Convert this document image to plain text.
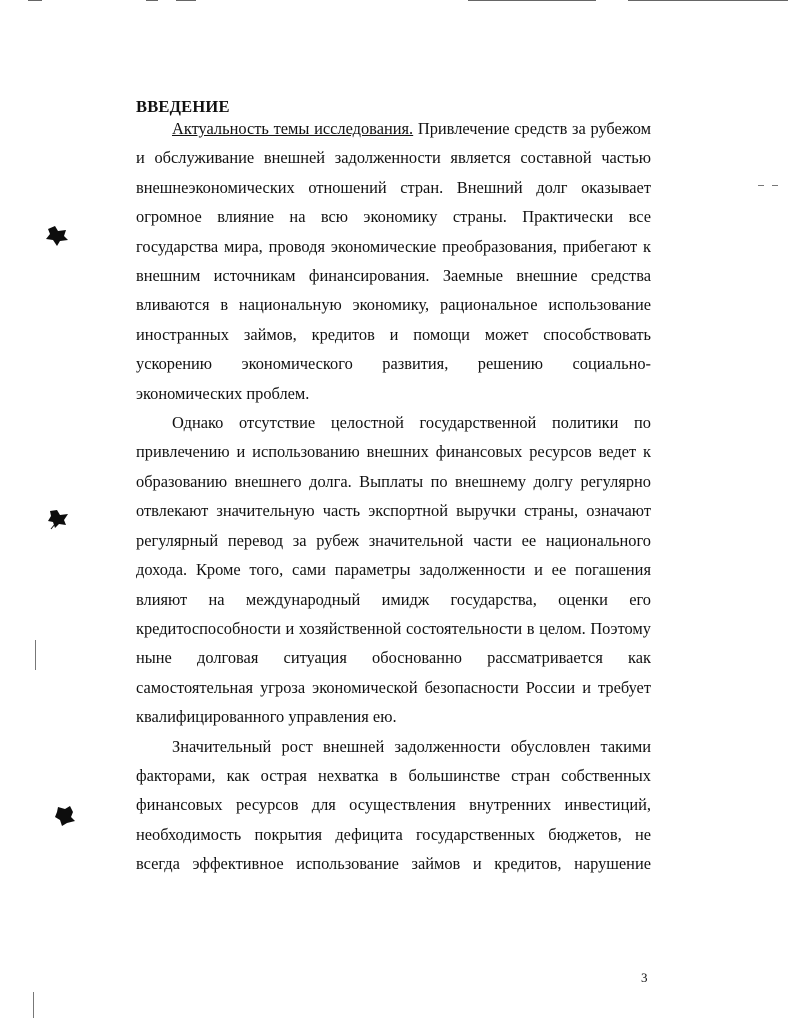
ВВЕДЕНИЕ

Актуальность темы исследования. Привлечение средств за рубежом и обслуживание внешней задолженности является составной частью внешнеэкономических отношений стран. Внешний долг оказывает огромное влияние на всю экономику страны. Практически все государства мира, проводя экономические преобразования, прибегают к внешним источникам финансирования. Заемные внешние средства вливаются в национальную экономику, рациональное использование иностранных займов, кредитов и помощи может способствовать ускорению экономического развития, решению социально-экономических проблем.

Однако отсутствие целостной государственной политики по привлечению и использованию внешних финансовых ресурсов ведет к образованию внешнего долга. Выплаты по внешнему долгу регулярно отвлекают значительную часть экспортной выручки страны, означают регулярный перевод за рубеж значительной части ее национального дохода. Кроме того, сами параметры задолженности и ее погашения влияют на международный имидж государства, оценки его кредитоспособности и хозяйственной состоятельности в целом. Поэтому ныне долговая ситуация обоснованно рассматривается как самостоятельная угроза экономической безопасности России и требует квалифицированного управления ею.

Значительный рост внешней задолженности обусловлен такими факторами, как острая нехватка в большинстве стран собственных финансовых ресурсов для осуществления внутренних инвестиций, необходимость покрытия дефицита государственных бюджетов, не всегда эффективное использование займов и кредитов, нарушение

3
